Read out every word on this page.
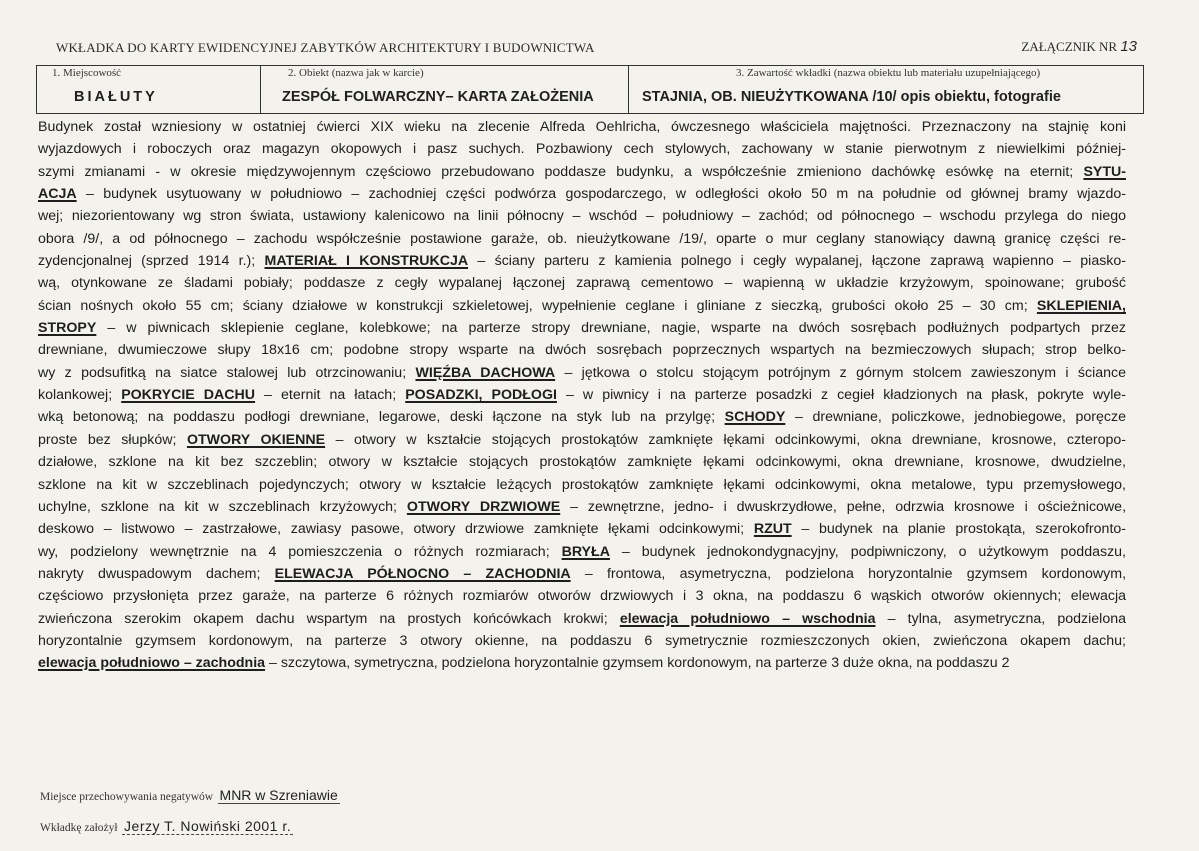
WKŁADKA DO KARTY EWIDENCYJNEJ ZABYTKÓW ARCHITEKTURY I BUDOWNICTWA	ZAŁĄCZNIK NR 13
1. Miejscowość
BIAŁUTY
2. Obiekt (nazwa jak w karcie)
ZESPÓŁ FOLWARCZNY– KARTA ZAŁOŻENIA
3. Zawartość wkładki (nazwa obiektu lub materiału uzupełniającego)
STAJNIA, OB. NIEUŻYTKOWANA /10/ opis obiektu, fotografie
Budynek został wzniesiony w ostatniej ćwierci XIX wieku na zlecenie Alfreda Oehlricha, ówczesnego właściciela majętności. Przeznaczony na stajnię koni
wyjazdowych i roboczych oraz magazyn okopowych i pasz suchych. Pozbawiony cech stylowych, zachowany w stanie pierwotnym z niewielkimi później-
szymi zmianami - w okresie międzywojennym częściowo przebudowano poddasze budynku, a współcześnie zmieniono dachówkę esówkę na eternit; SYTU-
ACJA – budynek usytuowany w południowo – zachodniej części podwórza gospodarczego, w odległości około 50 m na południe od głównej bramy wjazdo-
wej; niezorientowany wg stron świata, ustawiony kalenicowo na linii północny – wschód – południowy – zachód; od północnego – wschodu przylega do niego
obora /9/, a od północnego – zachodu współcześnie postawione garaże, ob. nieużytkowane /19/, oparte o mur ceglany stanowiący dawną granicę części re-
zydencjonalnej (sprzed 1914 r.); MATERIAŁ I KONSTRUKCJA – ściany parteru z kamienia polnego i cegły wypalanej, łączone zaprawą wapienno – piasko-
wą, otynkowane ze śladami pobiały; poddasze z cegły wypalanej łączonej zaprawą cementowo – wapienną w układzie krzyżowym, spoinowane; grubość
ścian nośnych około 55 cm; ściany działowe w konstrukcji szkieletowej, wypełnienie ceglane i gliniane z sieczką, grubości około 25 – 30 cm; SKLEPIENIA,
STROPY – w piwnicach sklepienie ceglane, kolebkowe; na parterze stropy drewniane, nagie, wsparte na dwóch sosrębach podłużnych podpartych przez
drewniane, dwumieczowe słupy 18x16 cm; podobne stropy wsparte na dwóch sosrębach poprzecznych wspartych na bezmieczowych słupach; strop belko-
wy z podsufitką na siatce stalowej lub otrzcinowaniu; WIĘŹBA DACHOWA – jętkowa o stolcu stojącym potrójnym z górnym stolcem zawieszonym i ściance
kolankowej; POKRYCIE DACHU – eternit na łatach; POSADZKI, PODŁOGI – w piwnicy i na parterze posadzki z cegieł kładzionych na płask, pokryte wyle-
wką betonową; na poddaszu podłogi drewniane, legarowe, deski łączone na styk lub na przylgę; SCHODY – drewniane, policzkowe, jednobiegowe, poręcze
proste bez słupków; OTWORY OKIENNE – otwory w kształcie stojących prostokątów zamknięte łękami odcinkowymi, okna drewniane, krosnowe, czteropo-
działowe, szklone na kit bez szczeblin; otwory w kształcie stojących prostokątów zamknięte łękami odcinkowymi, okna drewniane, krosnowe, dwudzielne,
szklone na kit w szczeblinach pojedynczych; otwory w kształcie leżących prostokątów zamknięte łękami odcinkowymi, okna metalowe, typu przemysłowego,
uchylne, szklone na kit w szczeblinach krzyżowych; OTWORY DRZWIOWE – zewnętrzne, jedno- i dwuskrzydłowe, pełne, odrzwia krosnowe i ościeżnicowe,
deskowo – listwowo – zastrzałowe, zawiasy pasowe, otwory drzwiowe zamknięte łękami odcinkowymi; RZUT – budynek na planie prostokąta, szerokofronto-
wy, podzielony wewnętrznie na 4 pomieszczenia o różnych rozmiarach; BRYŁA – budynek jednokondygnacyjny, podpiwniczony, o użytkowym poddaszu,
nakryty dwuspadowym dachem; ELEWACJA PÓŁNOCNO – ZACHODNIA – frontowa, asymetryczna, podzielona horyzontalnie gzymsem kordonowym,
częściowo przysłonięta przez garaże, na parterze 6 różnych rozmiarów otworów drzwiowych i 3 okna, na poddaszu 6 wąskich otworów okiennych; elewacja
zwieńczona szerokim okapem dachu wspartym na prostych końcówkach krokwi; elewacja południowo – wschodnia – tylna, asymetryczna, podzielona
horyzontalnie gzymsem kordonowym, na parterze 3 otwory okienne, na poddaszu 6 symetrycznie rozmieszczonych okien, zwieńczona okapem dachu;
elewacja południowo – zachodnia – szczytowa, symetryczna, podzielona horyzontalnie gzymsem kordonowym, na parterze 3 duże okna, na poddaszu 2
Miejsce przechowywania negatywów MNR w Szreniawie
Wkładkę założył Jerzy T. Nowiński 2001 r.
